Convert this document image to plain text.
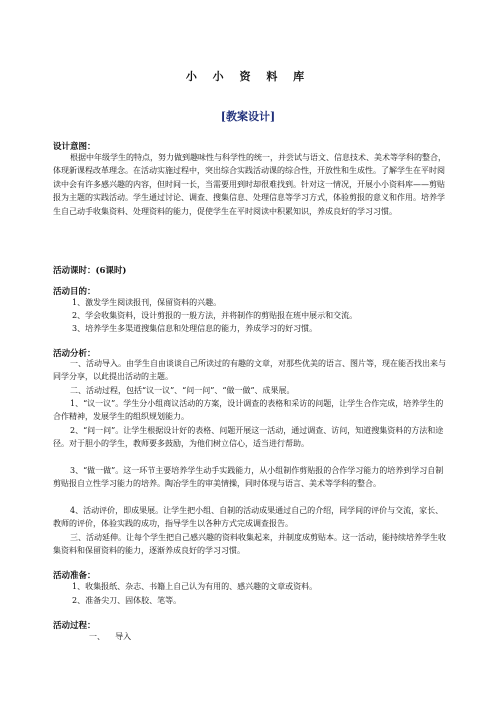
小 小 资 料 库
[教案设计]
设计意图：

根据中年级学生的特点，努力做到趣味性与科学性的统一，并尝试与语文、信息技术、美术等学科的整合，体现新课程改革理念。在活动实施过程中，突出综合实践活动课的综合性，开放性和生成性。了解学生在平时阅读中会有许多感兴趣的内容，但时间一长，当需要用到时却很难找到。针对这一情况，开展小小资料库——剪贴报为主题的实践活动。学生通过讨论、调查、搜集信息、处理信息等学习方式，体验剪报的意义和作用。培养学生自己动手收集资料、处理资料的能力，促使学生在平时阅读中积累知识，养成良好的学习习惯。

活动课时：(6课时)
活动目的：
1、激发学生阅读报刊，保留资料的兴趣。
2、学会收集资料，设计剪报的一般方法，并将制作的剪贴报在班中展示和交流。
3、培养学生多渠道搜集信息和处理信息的能力，养成学习的好习惯。
活动分析：

一、活动导入。由学生自由谈谈自己所读过的有趣的文章，对那些优美的语言、图片等，现在能否找出来与同学分享，以此提出活动的主题。

二、活动过程，包括“议一议”、“问一问”、“做一做”、成果展。

1、“议一议”。学生分小组商议活动的方案，设计调查的表格和采访的问题，让学生合作完成，培养学生的合作精神，发展学生的组织规划能力。

2、“问一问”。让学生根据设计好的表格、问题开展这一活动，通过调查、访问，知道搜集资料的方法和途径。对于胆小的学生，教师要多鼓励，为他们树立信心，适当进行帮助。

3、“做一做”。这一环节主要培养学生动手实践能力，从小组制作剪贴报的合作学习能力的培养到学习自制剪贴报自立性学习能力的培养。陶冶学生的审美情操，同时体现与语言、美术等学科的整合。

4、活动评价，即成果展。让学生把小组、自制的活动成果通过自己的介绍，同学间的评价与交流，家长、教师的评价，体验实践的成功，指导学生以各种方式完成调查报告。

三、活动延伸。让每个学生把自己感兴趣的资料收集起来，并制度成剪贴本。这一活动，能持续培养学生收集资料和保留资料的能力，逐渐养成良好的学习习惯。

活动准备：
1、收集报纸、杂志、书籍上自己认为有用的、感兴趣的文章或资料。
2、准备尖刀、固体胶、笔等。
活动过程：
一、    导入
